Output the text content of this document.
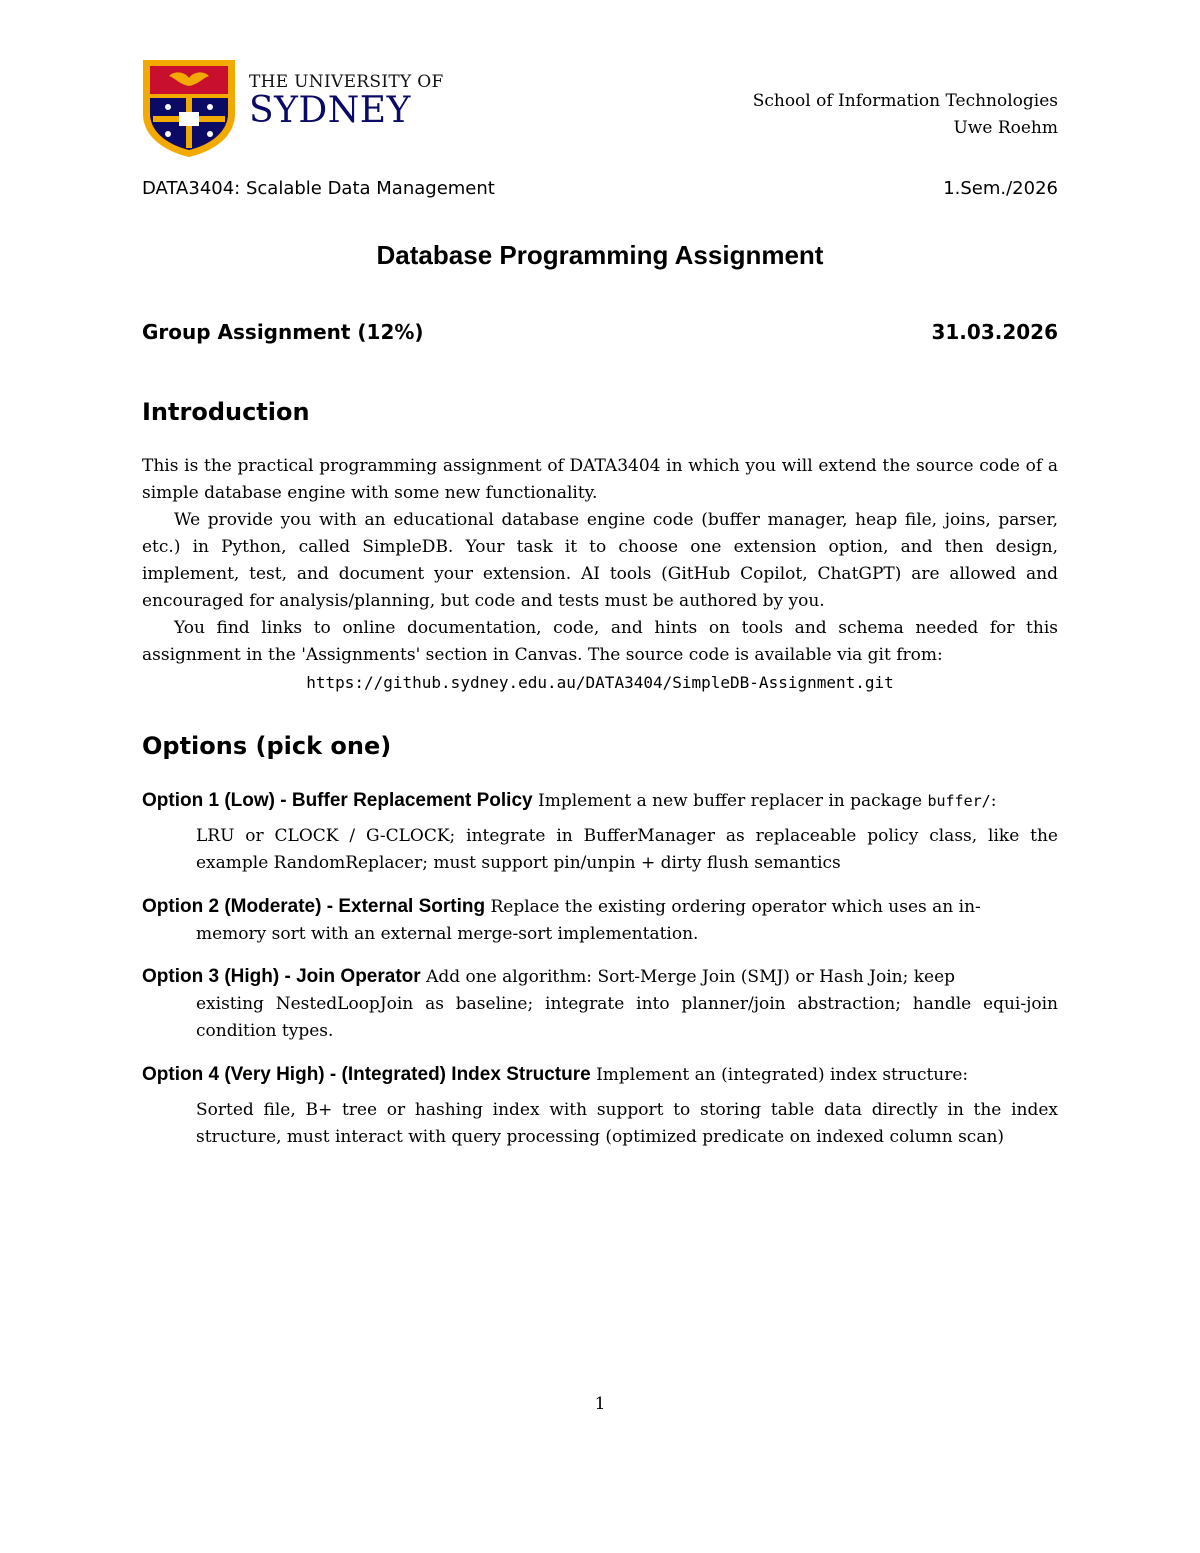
THE UNIVERSITY OF
SYDNEY	School of Information Technologies
Uwe Roehm
DATA3404: Scalable Data Management	1.Sem./2026
Database Programming Assignment
Group Assignment (12%)	31.03.2026
Introduction

This is the practical programming assignment of DATA3404 in which you will extend the source code of a simple database engine with some new functionality.

We provide you with an educational database engine code (buffer manager, heap file, joins, parser, etc.) in Python, called SimpleDB. Your task it to choose one extension option, and then design, implement, test, and document your extension. AI tools (GitHub Copilot, ChatGPT) are allowed and encouraged for analysis/planning, but code and tests must be authored by you.

You find links to online documentation, code, and hints on tools and schema needed for this assignment in the 'Assignments' section in Canvas. The source code is available via git from:

https://github.sydney.edu.au/DATA3404/SimpleDB-Assignment.git
Options (pick one)
Option 1 (Low) - Buffer Replacement Policy Implement a new buffer replacer in package buffer/:
LRU or CLOCK / G-CLOCK; integrate in BufferManager as replaceable policy class, like the example RandomReplacer; must support pin/unpin + dirty flush semantics
Option 2 (Moderate) - External Sorting Replace the existing ordering operator which uses an in-
memory sort with an external merge-sort implementation.
Option 3 (High) - Join Operator Add one algorithm: Sort-Merge Join (SMJ) or Hash Join; keep
existing NestedLoopJoin as baseline; integrate into planner/join abstraction; handle equi-join condition types.
Option 4 (Very High) - (Integrated) Index Structure Implement an (integrated) index structure:
Sorted file, B+ tree or hashing index with support to storing table data directly in the index structure, must interact with query processing (optimized predicate on indexed column scan)
1
